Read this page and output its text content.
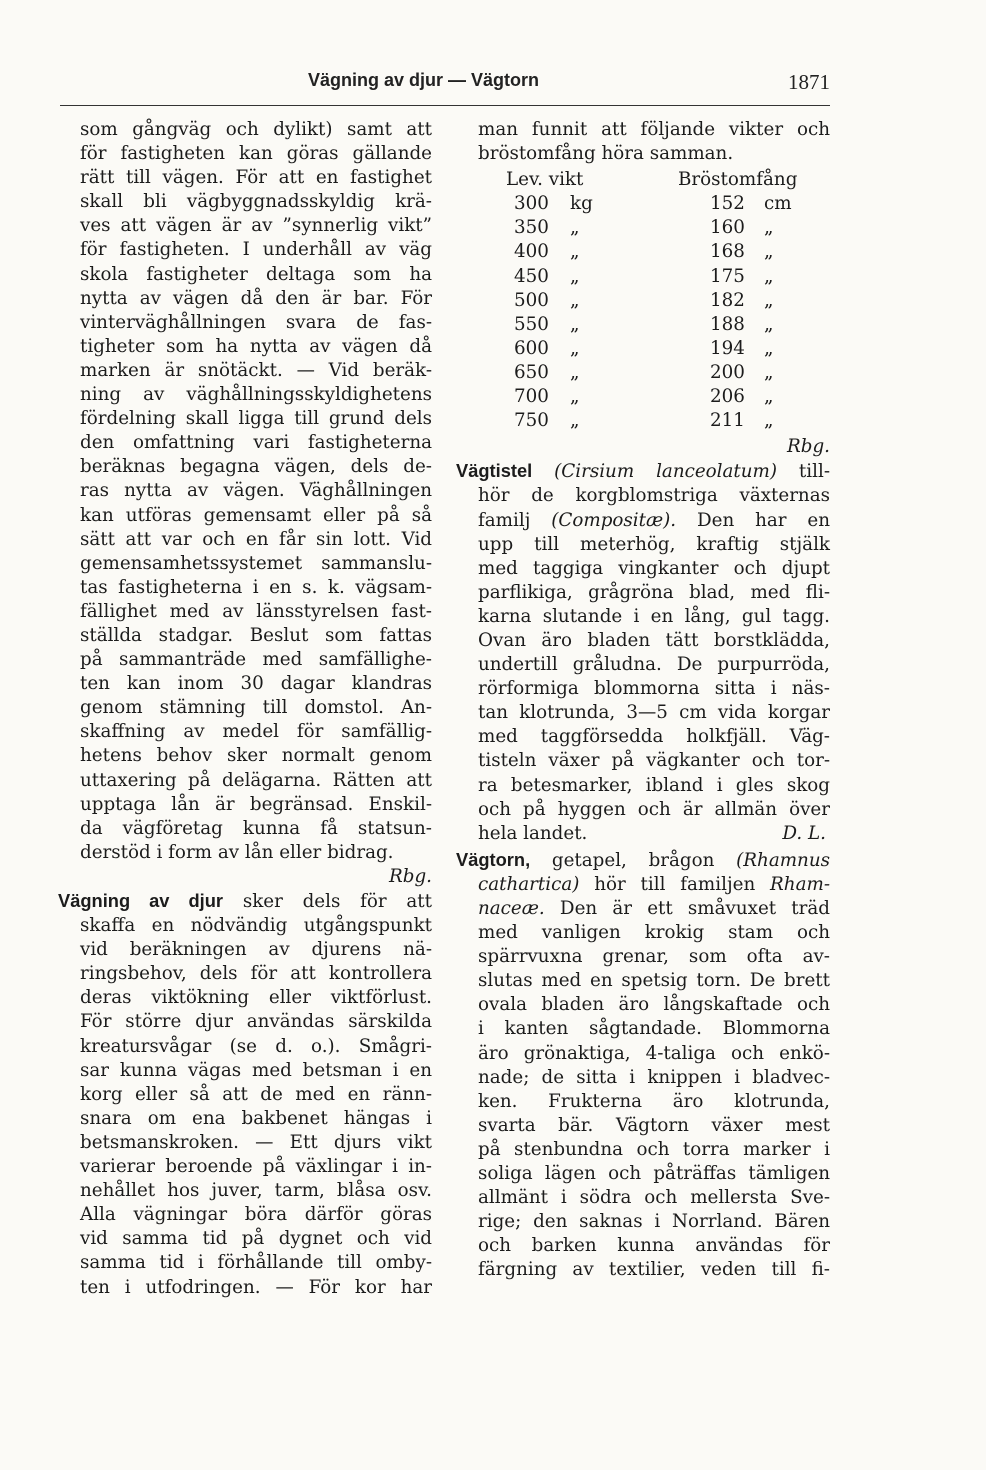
Vägning av djur — Vägtorn	1871

som gångväg och dylikt) samt att

för fastigheten kan göras gällande

rätt till vägen. För att en fastighet

skall bli vägbyggnadsskyldig krä-

ves att vägen är av ”synnerlig vikt”

för fastigheten. I underhåll av väg

skola fastigheter deltaga som ha

nytta av vägen då den är bar. För

vinterväghållningen svara de fas-

tigheter som ha nytta av vägen då

marken är snötäckt. — Vid beräk-

ning av väghållningsskyldighetens

fördelning skall ligga till grund dels

den omfattning vari fastigheterna

beräknas begagna vägen, dels de-

ras nytta av vägen. Väghållningen

kan utföras gemensamt eller på så

sätt att var och en får sin lott. Vid

gemensamhetssystemet sammanslu-

tas fastigheterna i en s. k. vägsam-

fällighet med av länsstyrelsen fast-

ställda stadgar. Beslut som fattas

på sammanträde med samfällighe-

ten kan inom 30 dagar klandras

genom stämning till domstol. An-

skaffning av medel för samfällig-

hetens behov sker normalt genom

uttaxering på delägarna. Rätten att

upptaga lån är begränsad. Enskil-

da vägföretag kunna få statsun-

derstöd i form av lån eller bidrag.

Rbg.

Vägning av djur sker dels för att

skaffa en nödvändig utgångspunkt

vid beräkningen av djurens nä-

ringsbehov, dels för att kontrollera

deras viktökning eller viktförlust.

För större djur användas särskilda

kreatursvågar (se d. o.). Smågri-

sar kunna vägas med betsman i en

korg eller så att de med en ränn-

snara om ena bakbenet hängas i

betsmanskroken. — Ett djurs vikt

varierar beroende på växlingar i in-

nehållet hos juver, tarm, blåsa osv.

Alla vägningar böra därför göras

vid samma tid på dygnet och vid

samma tid i förhållande till omby-

ten i utfodringen. — För kor har

man funnit att följande vikter och

bröstomfång höra samman.

Lev. vikt	Bröstomfång
300 kg	152 cm
350 „	160 „
400 „	168 „
450 „	175 „
500 „	182 „
550 „	188 „
600 „	194 „
650 „	200 „
700 „	206 „
750 „	211 „

Rbg.

Vägtistel (Cirsium lanceolatum) till-

hör de korgblomstriga växternas

familj (Compositæ). Den har en

upp till meterhög, kraftig stjälk

med taggiga vingkanter och djupt

parflikiga, grågröna blad, med fli-

karna slutande i en lång, gul tagg.

Ovan äro bladen tätt borstklädda,

undertill gråludna. De purpurröda,

rörformiga blommorna sitta i näs-

tan klotrunda, 3—5 cm vida korgar

med taggförsedda holkfjäll. Väg-

tisteln växer på vägkanter och tor-

ra betesmarker, ibland i gles skog

och på hyggen och är allmän över

hela landet.	D. L.

Vägtorn, getapel, brågon (Rhamnus

cathartica) hör till familjen Rham-

naceæ. Den är ett småvuxet träd

med vanligen krokig stam och

spärrvuxna grenar, som ofta av-

slutas med en spetsig torn. De brett

ovala bladen äro långskaftade och

i kanten sågtandade. Blommorna

äro grönaktiga, 4-taliga och enkö-

nade; de sitta i knippen i bladvec-

ken. Frukterna äro klotrunda,

svarta bär. Vägtorn växer mest

på stenbundna och torra marker i

soliga lägen och påträffas tämligen

allmänt i södra och mellersta Sve-

rige; den saknas i Norrland. Bären

och barken kunna användas för

färgning av textilier, veden till fi-
